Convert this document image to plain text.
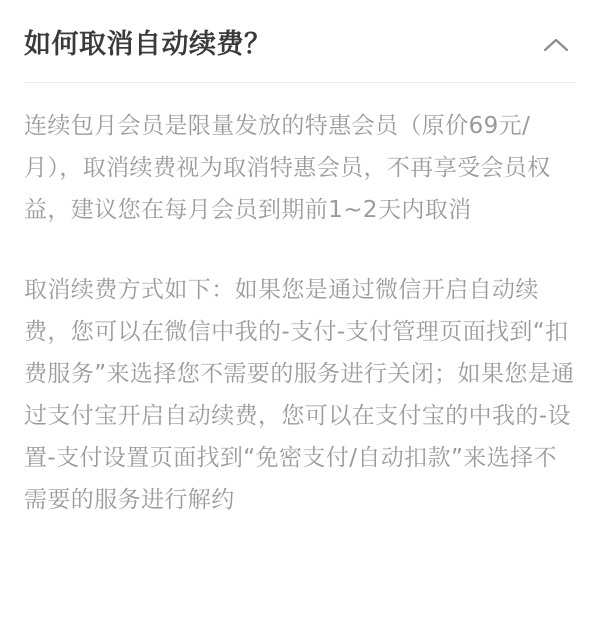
如何取消自动续费？

连续包月会员是限量发放的特惠会员（原价69元/月），取消续费视为取消特惠会员，不再享受会员权益，建议您在每月会员到期前1~2天内取消

取消续费方式如下：如果您是通过微信开启自动续费，您可以在微信中我的-支付-支付管理页面找到“扣费服务”来选择您不需要的服务进行关闭；如果您是通过支付宝开启自动续费，您可以在支付宝的中我的-设置-支付设置页面找到“免密支付/自动扣款”来选择不需要的服务进行解约
